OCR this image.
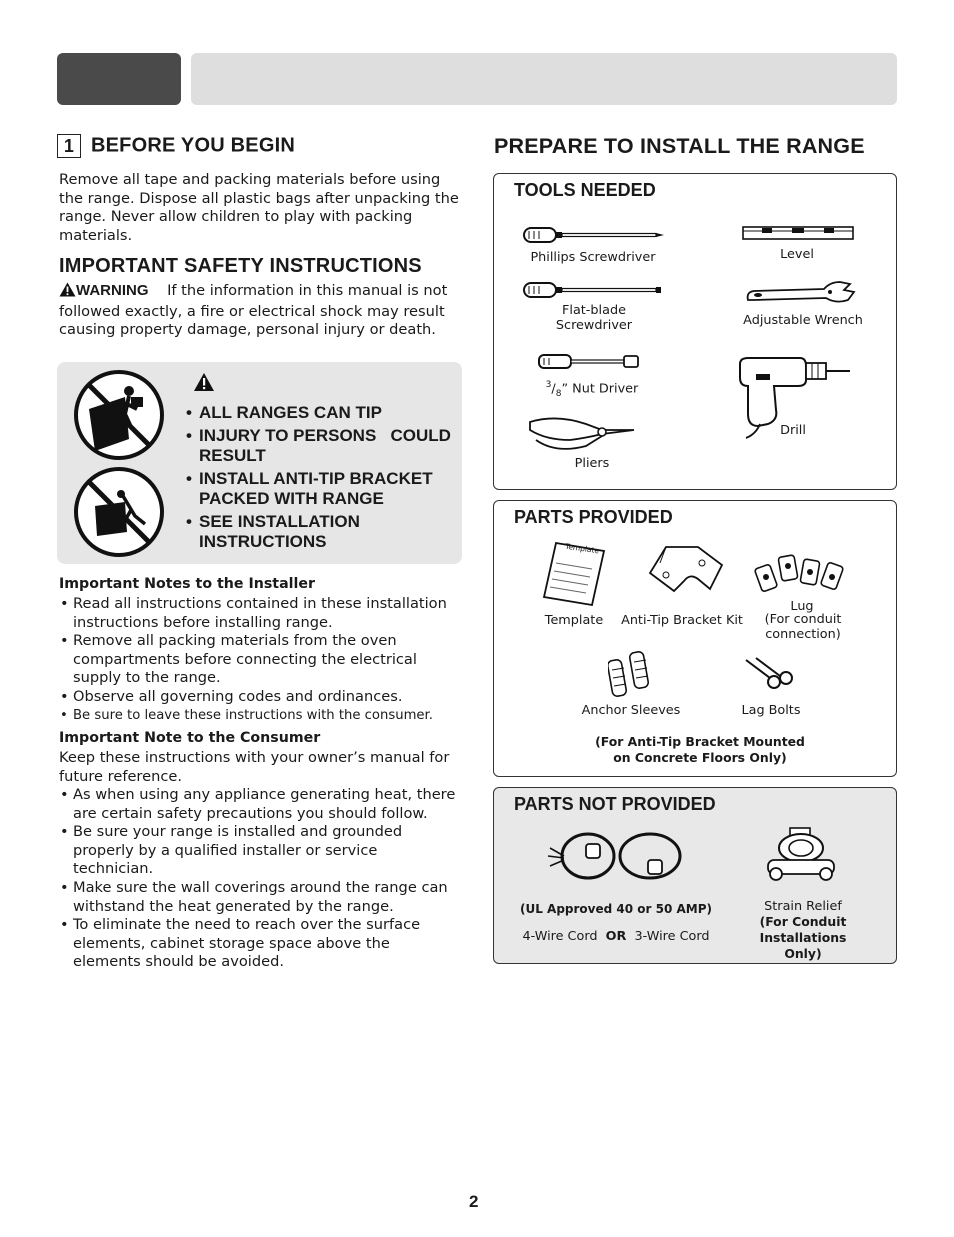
1 BEFORE YOU BEGIN
Remove all tape and packing materials before using the range. Dispose all plastic bags after unpacking the range. Never allow children to play with packing materials.
IMPORTANT SAFETY INSTRUCTIONS
WARNING If the information in this manual is not followed exactly, a fire or electrical shock may result causing property damage, personal injury or death.
• ALL RANGES CAN TIP
• INJURY TO PERSONS   COULD RESULT
• INSTALL ANTI-TIP BRACKET PACKED WITH RANGE
• SEE INSTALLATION INSTRUCTIONS
Important Notes to the Installer
• Read all instructions contained in these installation instructions before installing range.
• Remove all packing materials from the oven compartments before connecting the electrical supply to the range.
• Observe all governing codes and ordinances.
• Be sure to leave these instructions with the consumer.
Important Note to the Consumer
Keep these instructions with your owner’s manual for future reference.
• As when using any appliance generating heat, there are certain safety precautions you should follow.
• Be sure your range is installed and grounded properly by a qualified installer or service technician.
• Make sure the wall coverings around the range can withstand the heat generated by the range.
• To eliminate the need to reach over the surface elements, cabinet storage space above the elements should be avoided.
PREPARE TO INSTALL THE RANGE
TOOLS NEEDED
Phillips Screwdriver	Level
Flat-blade Screwdriver	Adjustable Wrench
$^3/_8$” Nut Driver
Drill
Pliers
PARTS PROVIDED
Template
Template	Anti-Tip Bracket Kit
Lug
(For conduit connection)
Anchor Sleeves	Lag Bolts
(For Anti-Tip Bracket Mounted on Concrete Floors Only)
PARTS NOT PROVIDED
(UL Approved 40 or 50 AMP)
4-Wire Cord OR 3-Wire Cord
Strain Relief
(For Conduit Installations Only)
2
